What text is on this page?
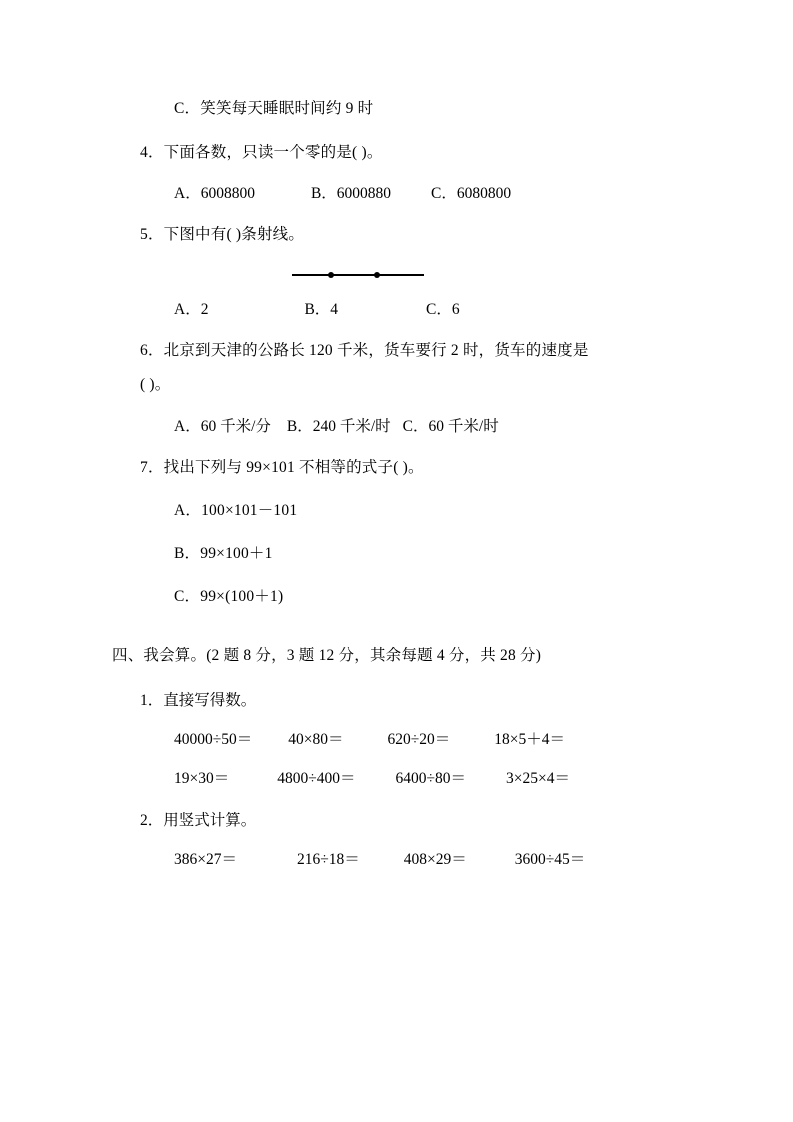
C．笑笑每天睡眠时间约 9 时
4．下面各数，只读一个零的是( )。
A．6008800	B．6000880	C．6080800
5．下图中有( )条射线。
A．2	B．4	C．6
6．北京到天津的公路长 120 千米，货车要行 2 时，货车的速度是
( )。
A．60 千米/分 B．240 千米/时 C．60 千米/时
7．找出下列与 99×101 不相等的式子( )。
A．100×101－101
B．99×100＋1
C．99×(100＋1)
四、我会算。(2 题 8 分，3 题 12 分，其余每题 4 分，共 28 分)
1．直接写得数。
40000÷50＝ 40×80＝	620÷20＝	18×5＋4＝
19×30＝	4800÷400＝	6400÷80＝	3×25×4＝
2．用竖式计算。
386×27＝	216÷18＝	408×29＝	3600÷45＝
